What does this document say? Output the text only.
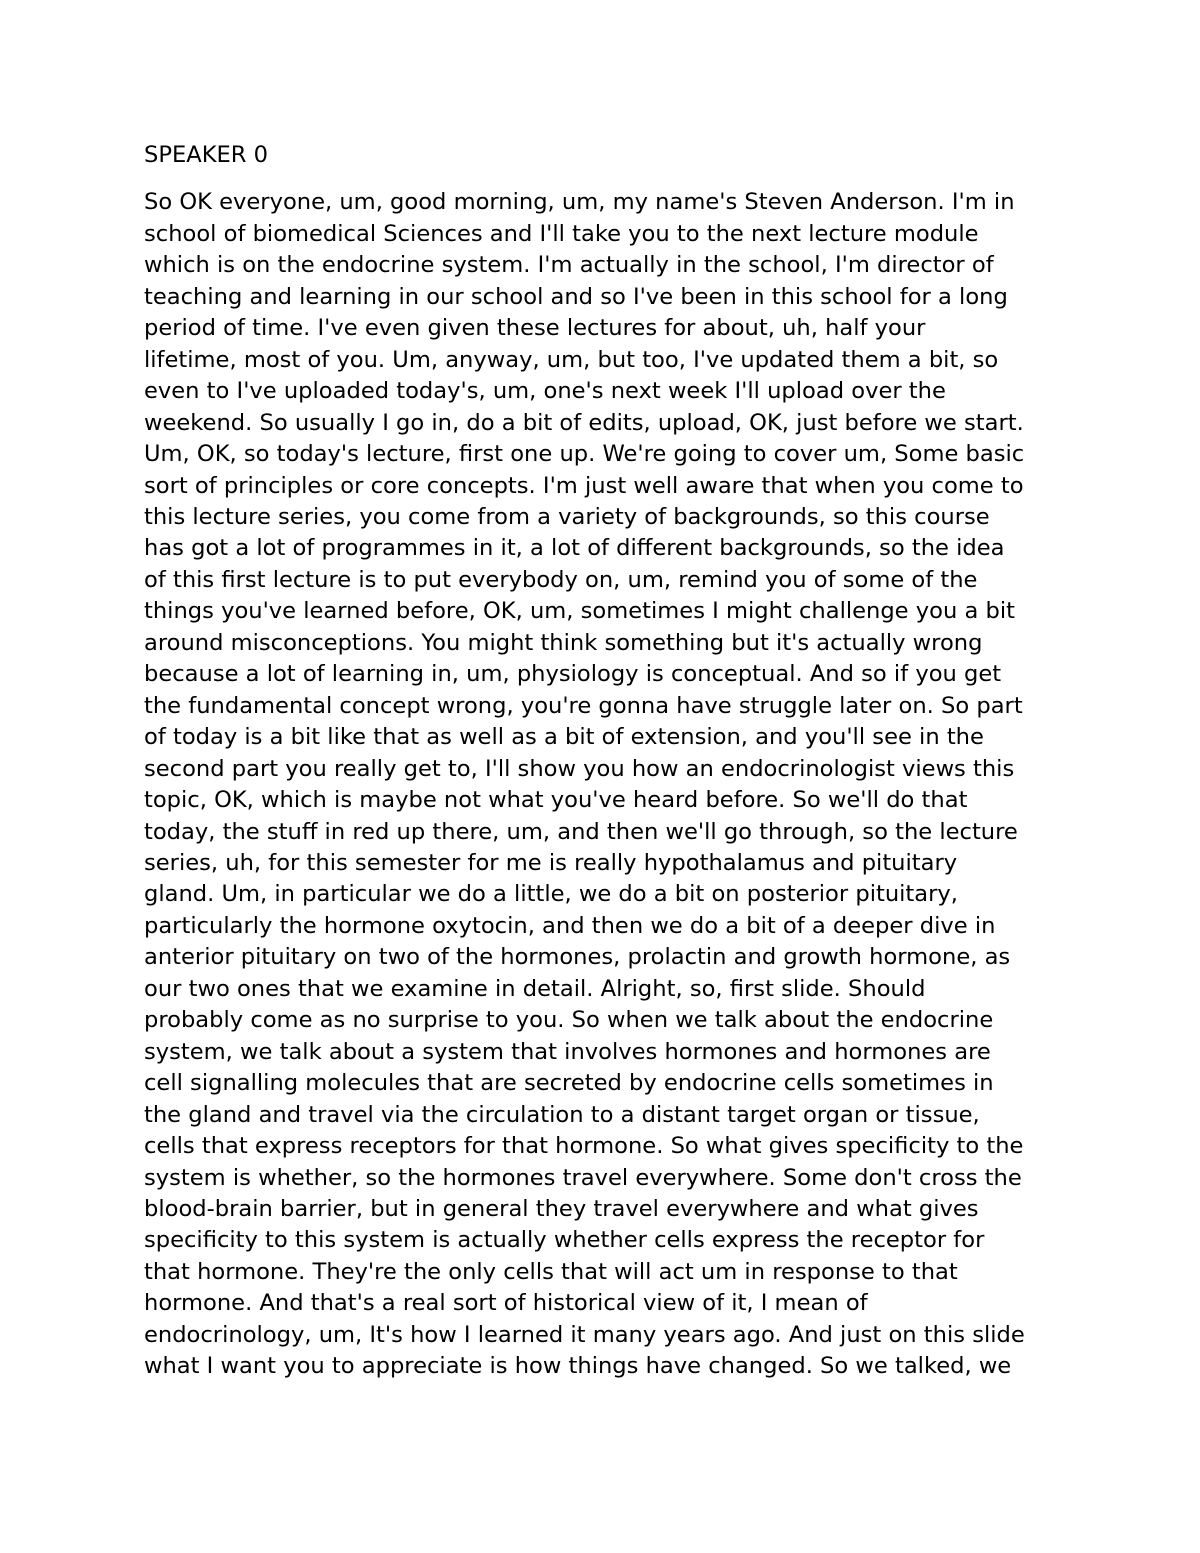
SPEAKER 0
So OK everyone, um, good morning, um, my name's Steven Anderson. I'm in
school of biomedical Sciences and I'll take you to the next lecture module
which is on the endocrine system. I'm actually in the school, I'm director of
teaching and learning in our school and so I've been in this school for a long
period of time. I've even given these lectures for about, uh, half your
lifetime, most of you. Um, anyway, um, but too, I've updated them a bit, so
even to I've uploaded today's, um, one's next week I'll upload over the
weekend. So usually I go in, do a bit of edits, upload, OK, just before we start.
Um, OK, so today's lecture, first one up. We're going to cover um, Some basic
sort of principles or core concepts. I'm just well aware that when you come to
this lecture series, you come from a variety of backgrounds, so this course
has got a lot of programmes in it, a lot of different backgrounds, so the idea
of this first lecture is to put everybody on, um, remind you of some of the
things you've learned before, OK, um, sometimes I might challenge you a bit
around misconceptions. You might think something but it's actually wrong
because a lot of learning in, um, physiology is conceptual. And so if you get
the fundamental concept wrong, you're gonna have struggle later on. So part
of today is a bit like that as well as a bit of extension, and you'll see in the
second part you really get to, I'll show you how an endocrinologist views this
topic, OK, which is maybe not what you've heard before. So we'll do that
today, the stuff in red up there, um, and then we'll go through, so the lecture
series, uh, for this semester for me is really hypothalamus and pituitary
gland. Um, in particular we do a little, we do a bit on posterior pituitary,
particularly the hormone oxytocin, and then we do a bit of a deeper dive in
anterior pituitary on two of the hormones, prolactin and growth hormone, as
our two ones that we examine in detail. Alright, so, first slide. Should
probably come as no surprise to you. So when we talk about the endocrine
system, we talk about a system that involves hormones and hormones are
cell signalling molecules that are secreted by endocrine cells sometimes in
the gland and travel via the circulation to a distant target organ or tissue,
cells that express receptors for that hormone. So what gives specificity to the
system is whether, so the hormones travel everywhere. Some don't cross the
blood-brain barrier, but in general they travel everywhere and what gives
specificity to this system is actually whether cells express the receptor for
that hormone. They're the only cells that will act um in response to that
hormone. And that's a real sort of historical view of it, I mean of
endocrinology, um, It's how I learned it many years ago. And just on this slide
what I want you to appreciate is how things have changed. So we talked, we
